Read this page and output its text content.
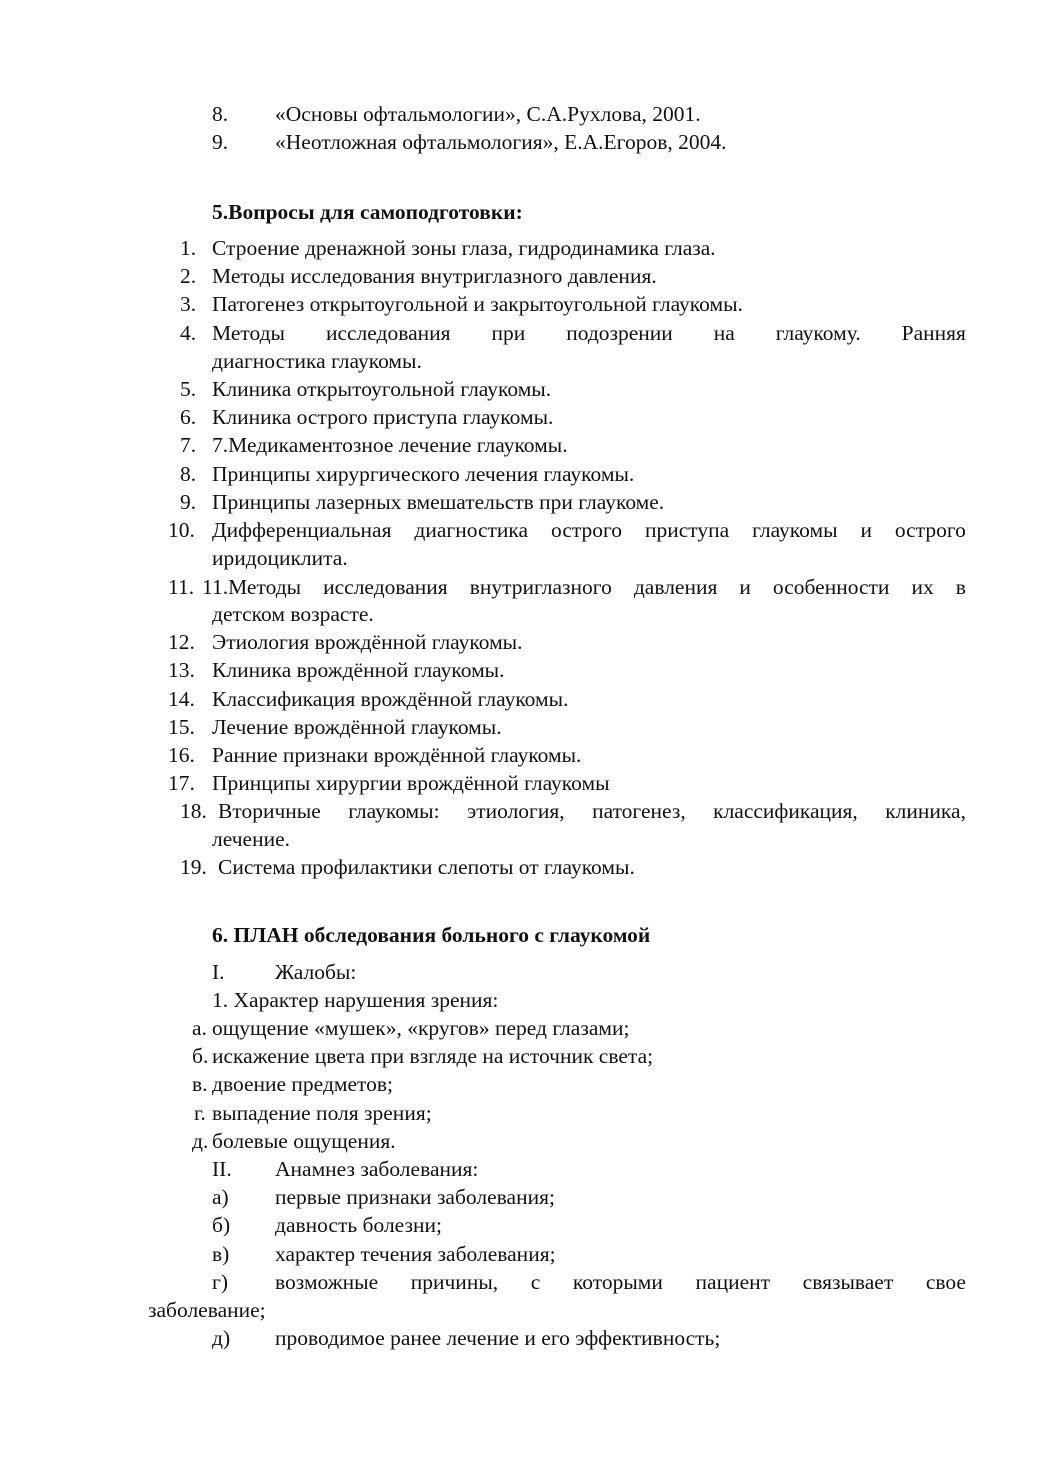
8. «Основы офтальмологии», С.А.Рухлова, 2001.
9. «Неотложная офтальмология», Е.А.Егоров, 2004.
5.Вопросы для самоподготовки:
1. Строение дренажной зоны глаза, гидродинамика глаза.
2. Методы исследования внутриглазного давления.
3. Патогенез открытоугольной и закрытоугольной глаукомы.
4. Методы исследования при подозрении на глаукому. Ранняя
диагностика глаукомы.
5. Клиника открытоугольной глаукомы.
6. Клиника острого приступа глаукомы.
7. 7.Медикаментозное лечение глаукомы.
8. Принципы хирургического лечения глаукомы.
9. Принципы лазерных вмешательств при глаукоме.
10. Дифференциальная диагностика острого приступа глаукомы и острого
иридоциклита.
11. 11.Методы исследования внутриглазного давления и особенности их в
детском возрасте.
12. Этиология врождённой глаукомы.
13. Клиника врождённой глаукомы.
14. Классификация врождённой глаукомы.
15. Лечение врождённой глаукомы.
16. Ранние признаки врождённой глаукомы.
17. Принципы хирургии врождённой глаукомы
18. Вторичные глаукомы: этиология, патогенез, классификация, клиника,
лечение.
19. Система профилактики слепоты от глаукомы.
6. ПЛАН обследования больного с глаукомой
I. Жалобы:
1. Характер нарушения зрения:
а. ощущение «мушек», «кругов» перед глазами;
б. искажение цвета при взгляде на источник света;
в. двоение предметов;
г. выпадение поля зрения;
д. болевые ощущения.
II. Анамнез заболевания:
а) первые признаки заболевания;
б) давность болезни;
в) характер течения заболевания;
г) возможные причины, с которыми пациент связывает свое
заболевание;
д) проводимое ранее лечение и его эффективность;
